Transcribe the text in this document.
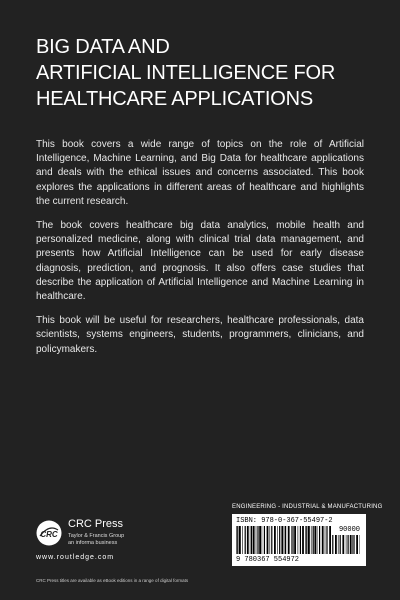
BIG DATA AND
ARTIFICIAL INTELLIGENCE FOR
HEALTHCARE APPLICATIONS

This book covers a wide range of topics on the role of Artificial Intelligence, Machine Learning, and Big Data for healthcare applications and deals with the ethical issues and concerns associated. This book explores the applications in different areas of healthcare and highlights the current research.

The book covers healthcare big data analytics, mobile health and personalized medicine, along with clinical trial data management, and presents how Artificial Intelligence can be used for early disease diagnosis, prediction, and prognosis. It also offers case studies that describe the application of Artificial Intelligence and Machine Learning in healthcare.

This book will be useful for researchers, healthcare professionals, data scientists, systems engineers, students, programmers, clinicians, and policymakers.

ENGINEERING - INDUSTRIAL & MANUFACTURING
ISBN: 978-0-367-55497-2
90000
9 780367 554972
CRC
CRC Press
Taylor & Francis Group
an informa business
www.routledge.com
CRC Press titles are available as eBook editions in a range of digital formats
